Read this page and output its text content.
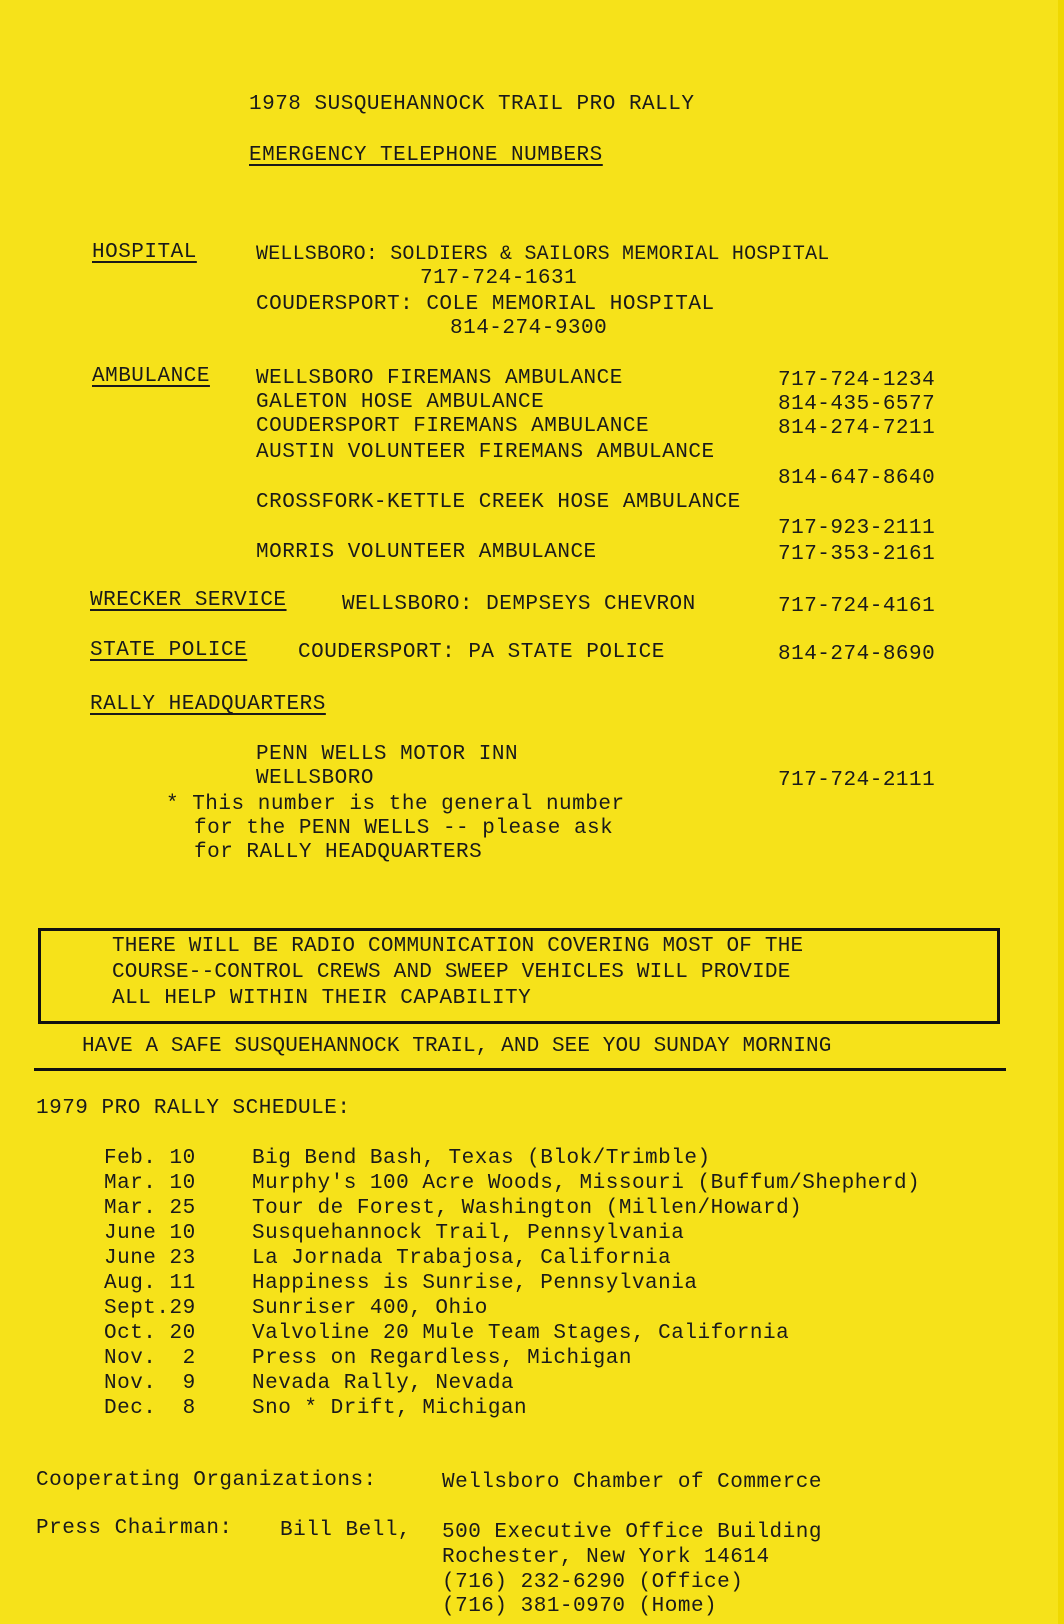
1978 SUSQUEHANNOCK TRAIL PRO RALLY
EMERGENCY TELEPHONE NUMBERS
HOSPITAL	WELLSBORO: SOLDIERS & SAILORS MEMORIAL HOSPITAL
717-724-1631
COUDERSPORT: COLE MEMORIAL HOSPITAL
814-274-9300
AMBULANCE WELLSBORO FIREMANS AMBULANCE	717-724-1234
GALETON HOSE AMBULANCE	814-435-6577
COUDERSPORT FIREMANS AMBULANCE	814-274-7211
AUSTIN VOLUNTEER FIREMANS AMBULANCE
814-647-8640
CROSSFORK-KETTLE CREEK HOSE AMBULANCE
717-923-2111
MORRIS VOLUNTEER AMBULANCE	717-353-2161
WRECKER SERVICE	WELLSBORO: DEMPSEYS CHEVRON	717-724-4161
STATE POLICE COUDERSPORT: PA STATE POLICE	814-274-8690
RALLY HEADQUARTERS
PENN WELLS MOTOR INN
WELLSBORO	717-724-2111
* This number is the general number
for the PENN WELLS -- please ask
for RALLY HEADQUARTERS
THERE WILL BE RADIO COMMUNICATION COVERING MOST OF THE
COURSE--CONTROL CREWS AND SWEEP VEHICLES WILL PROVIDE
ALL HELP WITHIN THEIR CAPABILITY
HAVE A SAFE SUSQUEHANNOCK TRAIL, AND SEE YOU SUNDAY MORNING
1979 PRO RALLY SCHEDULE:
Feb. 10	Big Bend Bash, Texas (Blok/Trimble)
Mar. 10	Murphy's 100 Acre Woods, Missouri (Buffum/Shepherd)
Mar. 25	Tour de Forest, Washington (Millen/Howard)
June 10	Susquehannock Trail, Pennsylvania
June 23	La Jornada Trabajosa, California
Aug. 11	Happiness is Sunrise, Pennsylvania
Sept.29	Sunriser 400, Ohio
Oct. 20	Valvoline 20 Mule Team Stages, California
Nov.  2	Press on Regardless, Michigan
Nov.  9	Nevada Rally, Nevada
Dec.  8	Sno * Drift, Michigan
Cooperating Organizations:	Wellsboro Chamber of Commerce
Press Chairman: Bill Bell, 500 Executive Office Building
Rochester, New York 14614
(716) 232-6290 (Office)
(716) 381-0970 (Home)
